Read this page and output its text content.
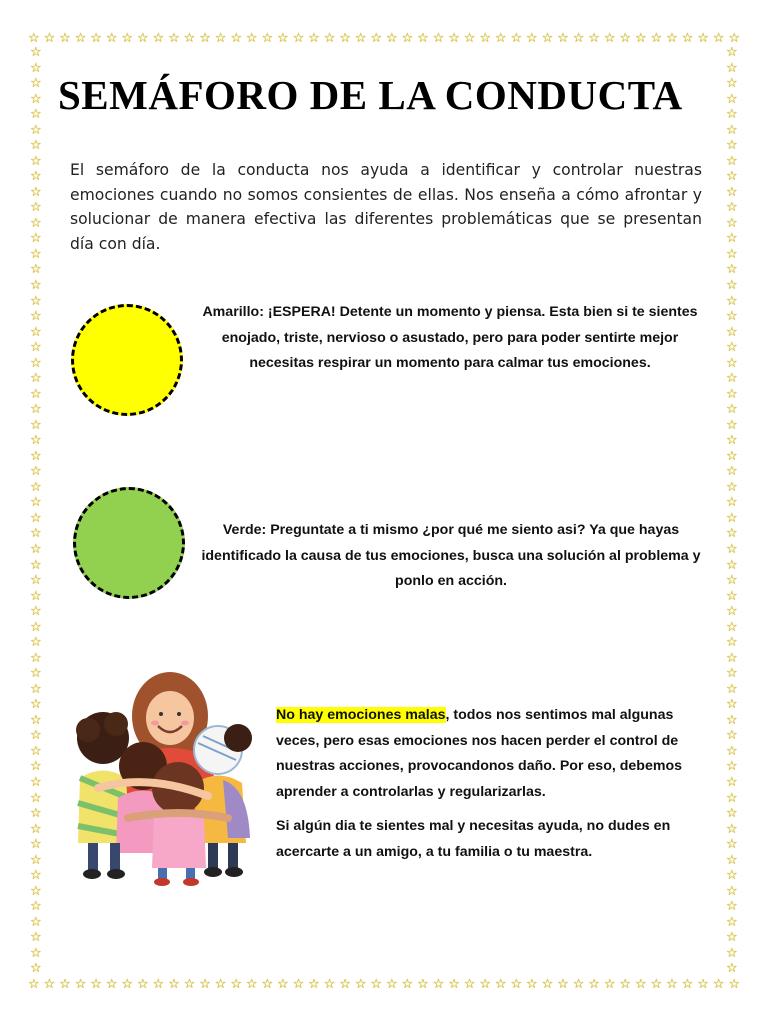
☆ ☆ ☆ ☆ ☆ ☆ ☆ ☆ ☆ ☆ ☆ ☆ ☆ ☆ ☆ ☆ ☆ ☆ ☆ ☆ ☆ ☆ ☆ ☆ ☆ ☆ ☆ ☆ ☆ ☆ ☆ ☆ ☆ ☆ ☆ ☆ ☆ ☆ ☆ ☆ ☆ ☆ ☆ ☆ ☆ ☆
☆ ☆ ☆ ☆ ☆ ☆ ☆ ☆ ☆ ☆ ☆ ☆ ☆ ☆ ☆ ☆ ☆ ☆ ☆ ☆ ☆ ☆ ☆ ☆ ☆ ☆ ☆ ☆ ☆ ☆ ☆ ☆ ☆ ☆ ☆ ☆ ☆ ☆ ☆ ☆ ☆ ☆ ☆ ☆ ☆ ☆
☆
☆
☆
☆
☆
☆
☆
☆
☆
☆
☆
☆
☆
☆
☆
☆
☆
☆
☆
☆
☆
☆
☆
☆
☆
☆
☆
☆
☆
☆
☆
☆
☆
☆
☆
☆
☆
☆
☆
☆
☆
☆
☆
☆
☆
☆
☆
☆
☆
☆
☆
☆
☆
☆
☆
☆
☆
☆
☆
☆
☆
☆
☆
☆
☆
☆
☆
☆
☆
☆
☆
☆
☆
☆
☆
☆
☆
☆
☆
☆
☆
☆
☆
☆
☆
☆
☆
☆
☆
☆
☆
☆
☆
☆
☆
☆
☆
☆
☆
☆
☆
☆
☆
☆
☆
☆
☆
☆
☆
☆
☆
☆
☆
☆
☆
☆
☆
☆
☆
☆
SEMÁFORO DE LA CONDUCTA

El semáforo de la conducta nos ayuda a identificar y controlar nuestras emociones cuando no somos consientes de ellas. Nos enseña a cómo afrontar y solucionar de manera efectiva las diferentes problemáticas que se presentan día con día.

Amarillo: ¡ESPERA! Detente un momento y piensa. Esta bien si te sientes enojado, triste, nervioso o asustado, pero para poder sentirte mejor necesitas respirar un momento para calmar tus emociones.

Verde: Preguntate a ti mismo ¿por qué me siento asi? Ya que hayas identificado la causa de tus emociones, busca una solución al problema y ponlo en acción.

No hay emociones malas, todos nos sentimos mal algunas veces, pero esas emociones nos hacen perder el control de nuestras acciones, provocandonos daño. Por eso, debemos aprender a controlarlas y regularizarlas.

Si algún dia te sientes mal y necesitas ayuda, no dudes en acercarte a un amigo, a tu familia o tu maestra.
